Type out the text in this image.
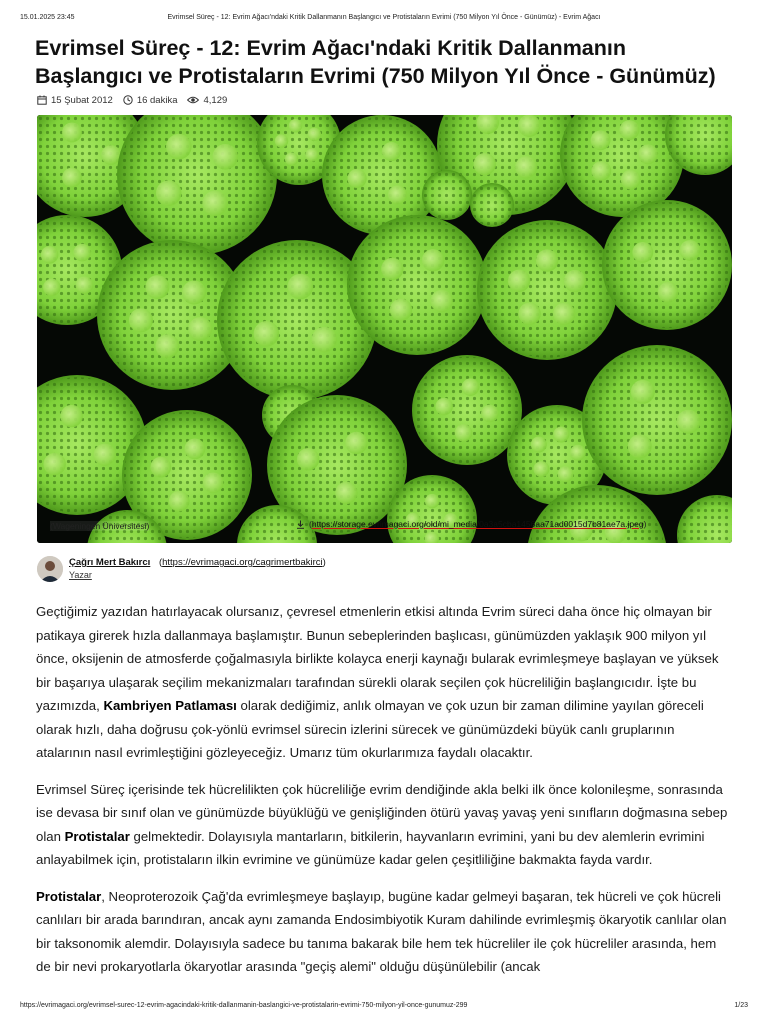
15.01.2025 23:45	Evrimsel Süreç - 12: Evrim Ağacı'ndaki Kritik Dallanmanın Başlangıcı ve Protistaların Evrimi (750 Milyon Yıl Önce - Günümüz) - Evrim Ağacı
Evrimsel Süreç - 12: Evrim Ağacı'ndaki Kritik Dallanmanın Başlangıcı ve Protistaların Evrimi (750 Milyon Yıl Önce - Günümüz)
15 Şubat 2012	16 dakika	4,129
(Wageningen Üniversitesi)	( https://storage.evrimagaci.org/old/mi_media/0a3a5cba1456aa71ad0015d7b81ae7a.jpeg )
Çağrı Mert Bakırcı (https://evrimagaci.org/cagrimertbakirci)
Yazar

Geçtiğimiz yazıdan hatırlayacak olursanız, çevresel etmenlerin etkisi altında Evrim süreci daha önce hiç olmayan bir patikaya girerek hızla dallanmaya başlamıştır. Bunun sebeplerinden başlıcası, günümüzden yaklaşık 900 milyon yıl önce, oksijenin de atmosferde çoğalmasıyla birlikte kolayca enerji kaynağı bularak evrimleşmeye başlayan ve yüksek bir başarıya ulaşarak seçilim mekanizmaları tarafından sürekli olarak seçilen çok hücreliliğin başlangıcıdır. İşte bu yazımızda, Kambriyen Patlaması olarak dediğimiz, anlık olmayan ve çok uzun bir zaman dilimine yayılan göreceli olarak hızlı, daha doğrusu çok-yönlü evrimsel sürecin izlerini sürecek ve günümüzdeki büyük canlı gruplarının atalarının nasıl evrimleştiğini gözleyeceğiz. Umarız tüm okurlarımıza faydalı olacaktır.

Evrimsel Süreç içerisinde tek hücrelilikten çok hücreliliğe evrim dendiğinde akla belki ilk önce kolonileşme, sonrasında ise devasa bir sınıf olan ve günümüzde büyüklüğü ve genişliğinden ötürü yavaş yavaş yeni sınıfların doğmasına sebep olan Protistalar gelmektedir. Dolayısıyla mantarların, bitkilerin, hayvanların evrimini, yani bu dev alemlerin evrimini anlayabilmek için, protistaların ilkin evrimine ve günümüze kadar gelen çeşitliliğine bakmakta fayda vardır.

Protistalar, Neoproterozoik Çağ'da evrimleşmeye başlayıp, bugüne kadar gelmeyi başaran, tek hücreli ve çok hücreli canlıları bir arada barındıran, ancak aynı zamanda Endosimbiyotik Kuram dahilinde evrimleşmiş ökaryotik canlılar olan bir taksonomik alemdir. Dolayısıyla sadece bu tanıma bakarak bile hem tek hücreliler ile çok hücreliler arasında, hem de bir nevi prokaryotlarla ökaryotlar arasında "geçiş alemi" olduğu düşünülebilir (ancak

https://evrimagaci.org/evrimsel-surec-12-evrim-agacindaki-kritik-dallanmanin-baslangici-ve-protistalarin-evrimi-750-milyon-yil-once-gunumuz-299	1/23
